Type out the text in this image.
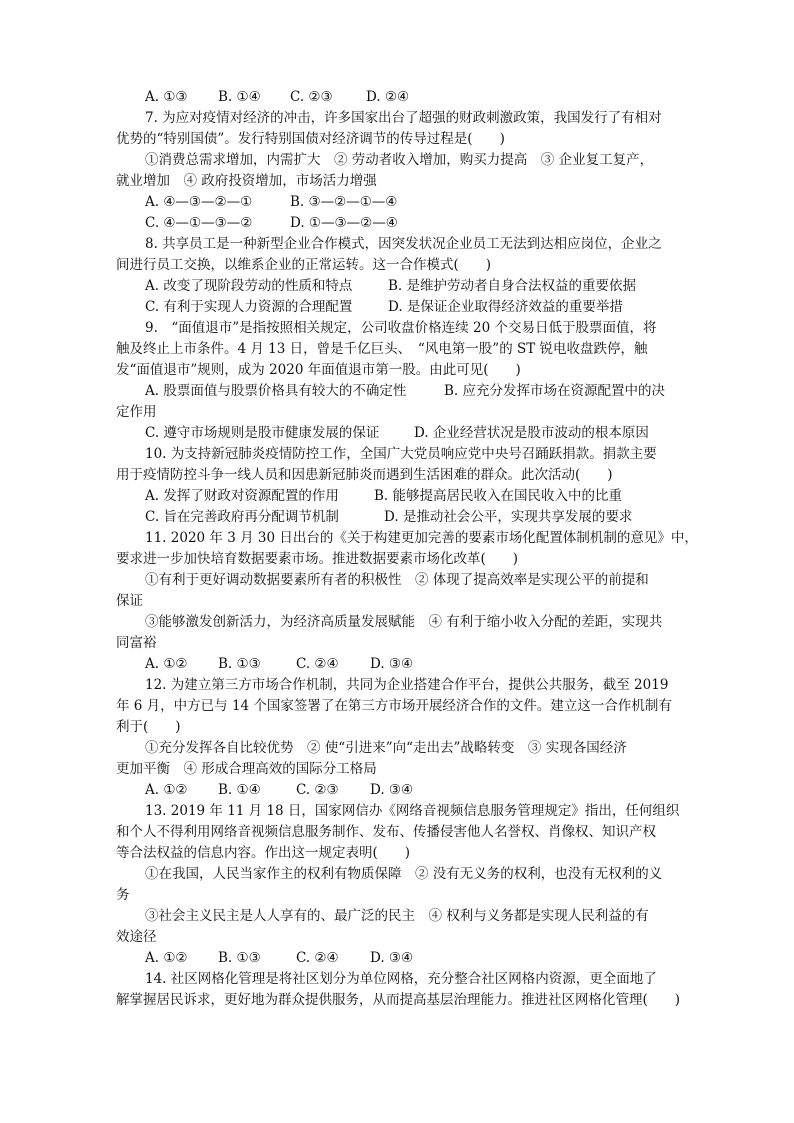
A. ①③ B. ①④ C. ②③ D. ②④
7. 为应对疫情对经济的冲击，许多国家出台了超强的财政刺激政策，我国发行了有相对
优势的“特别国债”。发行特别国债对经济调节的传导过程是(　　)
①消费总需求增加，内需扩大　② 劳动者收入增加，购买力提高　③ 企业复工复产，
就业增加　④ 政府投资增加，市场活力增强
A. ④—③—②—①	B. ③—②—①—④
C. ④—①—③—②	D. ①—③—②—④
8. 共享员工是一种新型企业合作模式，因突发状况企业员工无法到达相应岗位，企业之
间进行员工交换，以维系企业的正常运转。这一合作模式(　　)
A. 改变了现阶段劳动的性质和特点	B. 是维护劳动者自身合法权益的重要依据
C. 有利于实现人力资源的合理配置	D. 是保证企业取得经济效益的重要举措
9.　“面值退市”是指按照相关规定，公司收盘价格连续 20 个交易日低于股票面值，将
触及终止上市条件。4 月 13 日，曾是千亿巨头、　“风电第一股”的 ST 锐电收盘跌停，触
发“面值退市”规则，成为 2020 年面值退市第一股。由此可见(　　)
A. 股票面值与股票价格具有较大的不确定性	B. 应充分发挥市场在资源配置中的决
定作用
C. 遵守市场规则是股市健康发展的保证	D. 企业经营状况是股市波动的根本原因
10. 为支持新冠肺炎疫情防控工作，全国广大党员响应党中央号召踊跃捐款。捐款主要
用于疫情防控斗争一线人员和因患新冠肺炎而遇到生活困难的群众。此次活动(　　)
A. 发挥了财政对资源配置的作用	B. 能够提高居民收入在国民收入中的比重
C. 旨在完善政府再分配调节机制	D. 是推动社会公平，实现共享发展的要求
11. 2020 年 3 月 30 日出台的《关于构建更加完善的要素市场化配置体制机制的意见》中，
要求进一步加快培育数据要素市场。推进数据要素市场化改革(　　)
①有利于更好调动数据要素所有者的积极性　② 体现了提高效率是实现公平的前提和
保证
③能够激发创新活力，为经济高质量发展赋能　④ 有利于缩小收入分配的差距，实现共
同富裕
A. ①② B. ①③	C. ②④ D. ③④
12. 为建立第三方市场合作机制，共同为企业搭建合作平台，提供公共服务，截至 2019
年 6 月，中方已与 14 个国家签署了在第三方市场开展经济合作的文件。建立这一合作机制有
利于(　　)
①充分发挥各自比较优势　② 使“引进来”向“走出去”战略转变　③ 实现各国经济
更加平衡　④ 形成合理高效的国际分工格局
A. ①② B. ①④	C. ②③ D. ③④
13. 2019 年 11 月 18 日，国家网信办《网络音视频信息服务管理规定》指出，任何组织
和个人不得利用网络音视频信息服务制作、发布、传播侵害他人名誉权、肖像权、知识产权
等合法权益的信息内容。作出这一规定表明(　　)
①在我国，人民当家作主的权利有物质保障　② 没有无义务的权利，也没有无权利的义
务
③社会主义民主是人人享有的、最广泛的民主　④ 权利与义务都是实现人民利益的有
效途径
A. ①② B. ①③	C. ②④ D. ③④
14. 社区网格化管理是将社区划分为单位网格，充分整合社区网格内资源，更全面地了
解掌握居民诉求，更好地为群众提供服务，从而提高基层治理能力。推进社区网格化管理(　　)
